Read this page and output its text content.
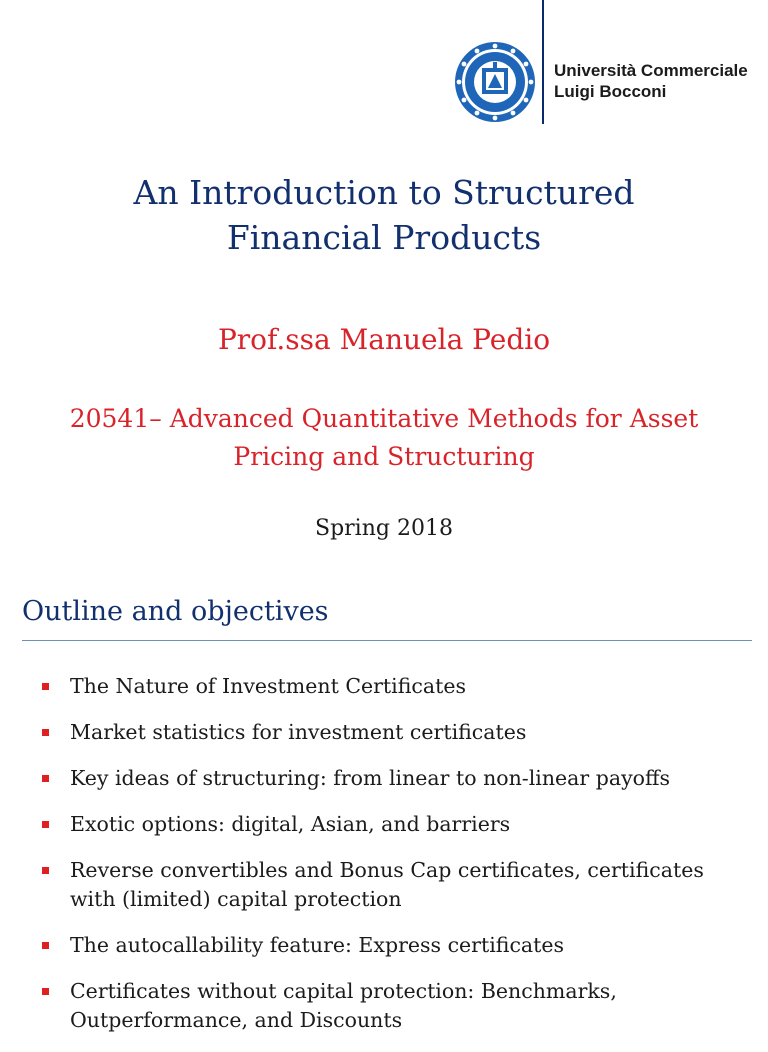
Università Commerciale
Luigi Bocconi
An Introduction to Structured
Financial Products
Prof.ssa Manuela Pedio
20541– Advanced Quantitative Methods for Asset
Pricing and Structuring
Spring 2018
Outline and objectives
The Nature of Investment Certificates
Market statistics for investment certificates
Key ideas of structuring: from linear to non-linear payoffs
Exotic options: digital, Asian, and barriers
Reverse convertibles and Bonus Cap certificates, certificates
with (limited) capital protection
The autocallability feature: Express certificates
Certificates without capital protection: Benchmarks,
Outperformance, and Discounts
